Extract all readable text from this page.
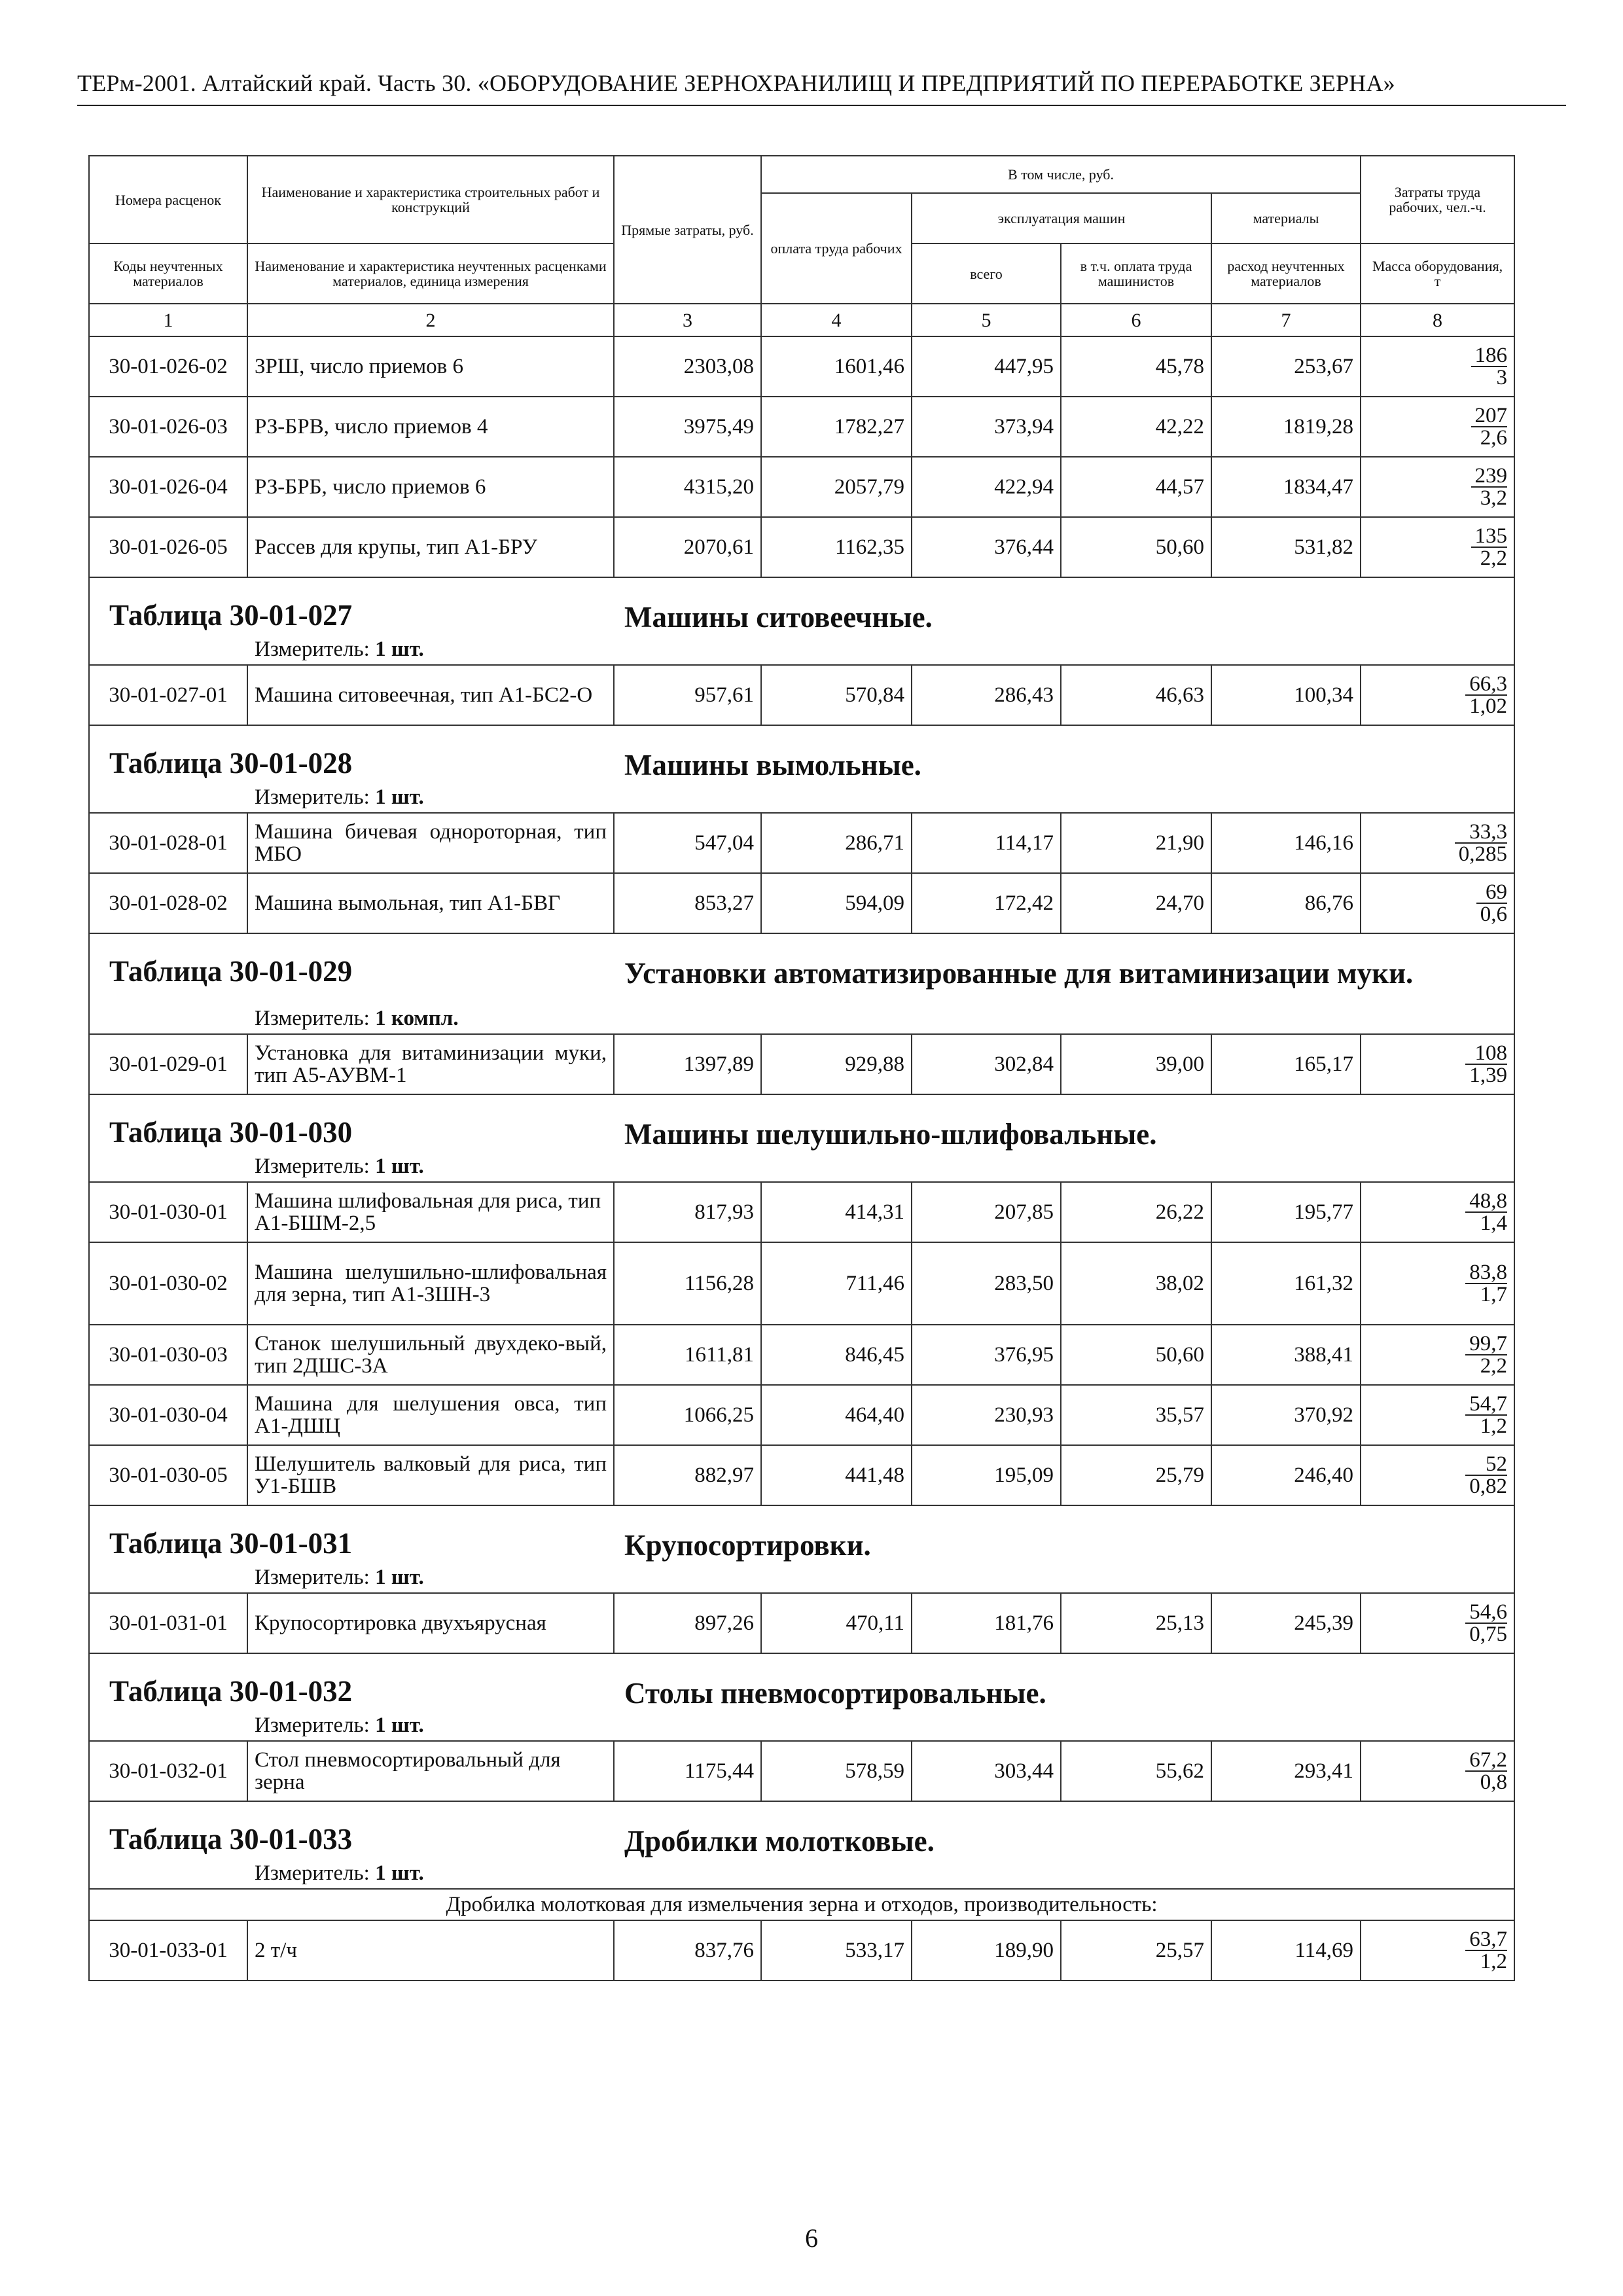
ТЕРм-2001. Алтайский край. Часть 30. «ОБОРУДОВАНИЕ ЗЕРНОХРАНИЛИЩ И ПРЕДПРИЯТИЙ ПО ПЕРЕРАБОТКЕ ЗЕРНА»
Номера расценок	Наименование и характеристика строительных работ и конструкций	Прямые затраты, руб.	В том числе, руб.				Затраты труда рабочих, чел.-ч.
			оплата труда рабочих	эксплуатация машин		материалы	
Коды неучтенных материалов	Наименование и характеристика неучтенных расценками материалов, единица измерения			всего	в т.ч. оплата труда машинистов	расход неучтенных материалов	Масса оборудования, т
1	2	3	4	5	6	7	8
30-01-026-02	ЗРШ, число приемов 6	2303,08	1601,46	447,95	45,78	253,67	$\frac{186}{3}$

30-01-026-03	РЗ-БРВ, число приемов 4	3975,49	1782,27	373,94	42,22	1819,28	$\frac{207}{2,6}$

30-01-026-04	РЗ-БРБ, число приемов 6	4315,20	2057,79	422,94	44,57	1834,47	$\frac{239}{3,2}$

30-01-026-05	Рассев для крупы, тип А1-БРУ	2070,61	1162,35	376,44	50,60	531,82	$\frac{135}{2,2}$

Таблица 30-01-027 Машины ситовеечные.
Измеритель: 1 шт.							

30-01-027-01	Машина ситовеечная, тип А1-БС2-О	957,61	570,84	286,43	46,63	100,34	$\frac{66,3}{1,02}$

Таблица 30-01-028 Машины вымольные.
Измеритель: 1 шт.							

30-01-028-01	Машина бичевая однороторная, тип МБО	547,04	286,71	114,17	21,90	146,16	$\frac{33,3}{0,285}$

30-01-028-02	Машина вымольная, тип А1-БВГ	853,27	594,09	172,42	24,70	86,76	$\frac{69}{0,6}$

Таблица 30-01-029 Установки автоматизированные для витаминизации муки.
Измеритель: 1 компл.							

30-01-029-01	Установка для витаминизации муки, тип А5-АУВМ-1	1397,89	929,88	302,84	39,00	165,17	$\frac{108}{1,39}$

Таблица 30-01-030 Машины шелушильно-шлифовальные.
Измеритель: 1 шт.							

30-01-030-01	Машина шлифовальная для риса, тип А1-БШМ-2,5	817,93	414,31	207,85	26,22	195,77	$\frac{48,8}{1,4}$

30-01-030-02	Машина шелушильно-шлифовальная для зерна, тип А1-ЗШН-3	1156,28	711,46	283,50	38,02	161,32	$\frac{83,8}{1,7}$

30-01-030-03	Станок шелушильный двухдеко-вый, тип 2ДШС-3А	1611,81	846,45	376,95	50,60	388,41	$\frac{99,7}{2,2}$

30-01-030-04	Машина для шелушения овса, тип А1-ДШЦ	1066,25	464,40	230,93	35,57	370,92	$\frac{54,7}{1,2}$

30-01-030-05	Шелушитель валковый для риса, тип У1-БШВ	882,97	441,48	195,09	25,79	246,40	$\frac{52}{0,82}$

Таблица 30-01-031 Крупосортировки.
Измеритель: 1 шт.							

30-01-031-01	Крупосортировка двухъярусная	897,26	470,11	181,76	25,13	245,39	$\frac{54,6}{0,75}$

Таблица 30-01-032 Столы пневмосортировальные.
Измеритель: 1 шт.							

30-01-032-01	Стол пневмосортировальный для зерна	1175,44	578,59	303,44	55,62	293,41	$\frac{67,2}{0,8}$

Таблица 30-01-033 Дробилки молотковые.
Измеритель: 1 шт.							

Дробилка молотковая для измельчения зерна и отходов, производительность:							
30-01-033-01	2 т/ч	837,76	533,17	189,90	25,57	114,69	$\frac{63,7}{1,2}$
6
